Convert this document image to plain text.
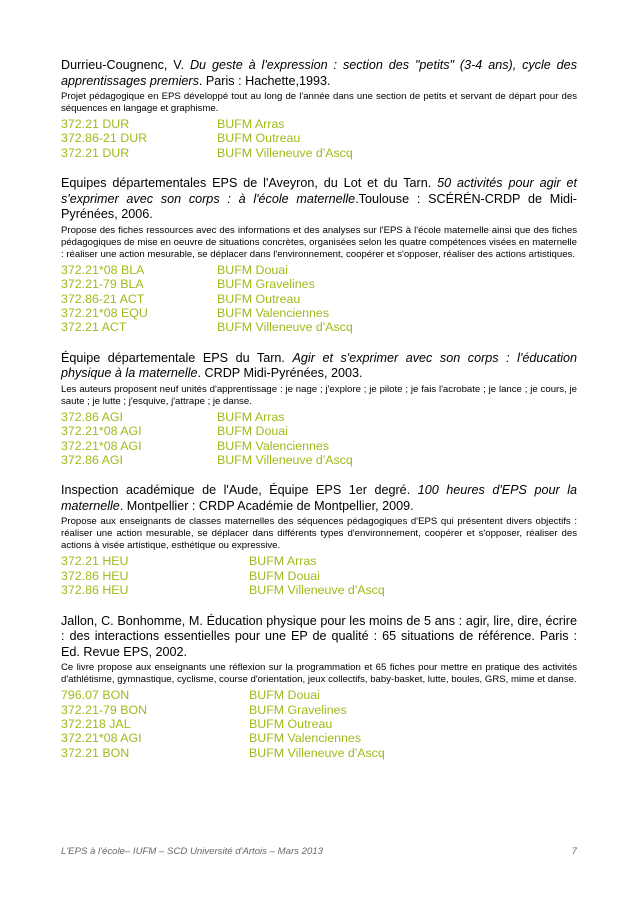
Durrieu-Cougnenc, V. Du geste à l'expression : section des "petits" (3-4 ans), cycle des apprentissages premiers. Paris : Hachette,1993.

Projet pédagogique en EPS développé tout au long de l'année dans une section de petits et servant de départ pour des séquences en langage et graphisme.

372.21 DUR	BUFM Arras
372.86-21 DUR	BUFM Outreau
372.21 DUR	BUFM Villeneuve d'Ascq

Equipes départementales EPS de l'Aveyron, du Lot et du Tarn. 50 activités pour agir et s'exprimer avec son corps : à l'école maternelle.Toulouse : SCÉRÉN-CRDP de Midi-Pyrénées, 2006.

Propose des fiches ressources avec des informations et des analyses sur l'EPS à l'école maternelle ainsi que des fiches pédagogiques de mise en oeuvre de situations concrètes, organisées selon les quatre compétences visées en maternelle : réaliser une action mesurable, se déplacer dans l'environnement, coopérer et s'opposer, réaliser des actions artistiques.

372.21*08 BLA	BUFM Douai
372.21-79 BLA	BUFM Gravelines
372.86-21 ACT	BUFM Outreau
372.21*08 EQU	BUFM Valenciennes
372.21 ACT	BUFM Villeneuve d'Ascq

Équipe départementale EPS du Tarn. Agir et s'exprimer avec son corps : l'éducation physique à la maternelle. CRDP Midi-Pyrénées, 2003.

Les auteurs proposent neuf unités d'apprentissage : je nage ; j'explore ; je pilote ; je fais l'acrobate ; je lance ; je cours, je saute ; je lutte ; j'esquive, j'attrape ; je danse.

372.86 AGI	BUFM Arras
372.21*08 AGI	BUFM Douai
372.21*08 AGI	BUFM Valenciennes
372.86 AGI	BUFM Villeneuve d'Ascq

Inspection académique de l'Aude, Équipe EPS 1er degré. 100 heures d'EPS pour la maternelle. Montpellier : CRDP Académie de Montpellier, 2009.

Propose aux enseignants de classes maternelles des séquences pédagogiques d'EPS qui présentent divers objectifs : réaliser une action mesurable, se déplacer dans différents types d'environnement, coopérer et s'opposer, réaliser des actions à visée artistique, esthétique ou expressive.

372.21 HEU	BUFM Arras
372.86 HEU	BUFM Douai
372.86 HEU	BUFM Villeneuve d'Ascq

Jallon, C. Bonhomme, M. Éducation physique pour les moins de 5 ans : agir, lire, dire, écrire : des interactions essentielles pour une EP de qualité : 65 situations de référence. Paris : Ed. Revue EPS, 2002.

Ce livre propose aux enseignants une réflexion sur la programmation et 65 fiches pour mettre en pratique des activités d'athlétisme, gymnastique, cyclisme, course d'orientation, jeux collectifs, baby-basket, lutte, boules, GRS, mime et danse.

796.07 BON	BUFM Douai
372.21-79 BON	BUFM Gravelines
372.218 JAL	BUFM Outreau
372.21*08 AGI	BUFM Valenciennes
372.21 BON	BUFM Villeneuve d'Ascq
L'EPS à l'école– IUFM – SCD Université d'Artois – Mars 2013	7
